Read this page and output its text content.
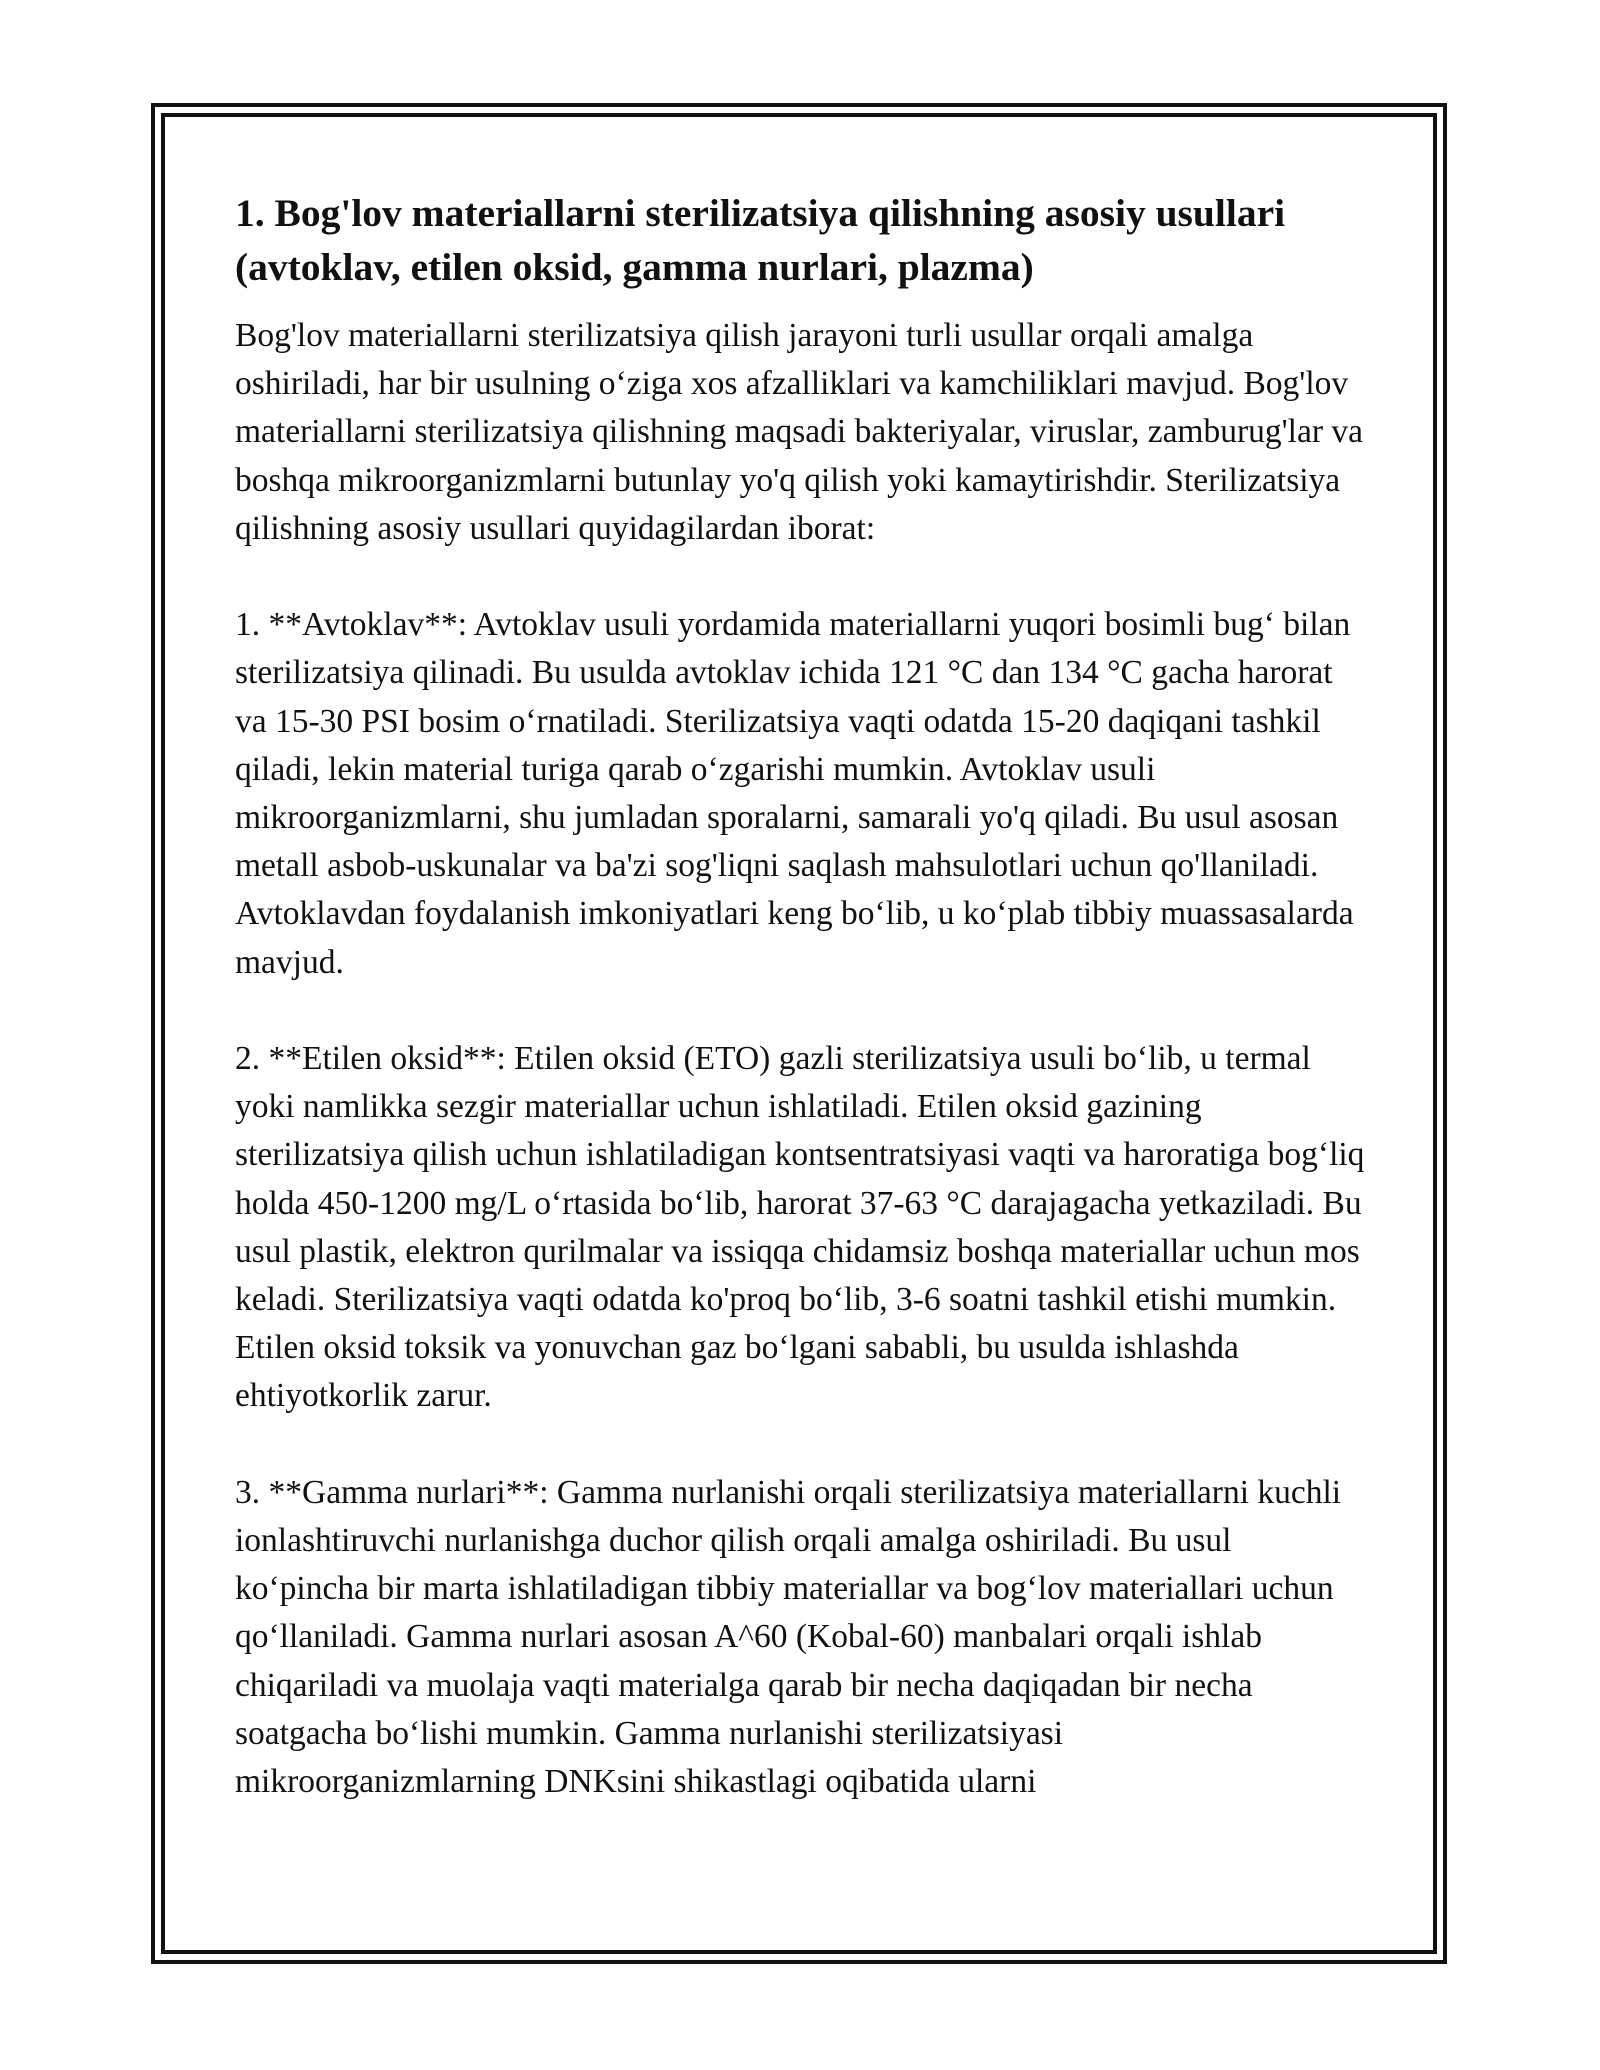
1. Bog'lov materiallarni sterilizatsiya qilishning asosiy usullari (avtoklav, etilen oksid, gamma nurlari, plazma)

Bog'lov materiallarni sterilizatsiya qilish jarayoni turli usullar orqali amalga oshiriladi, har bir usulning oʻziga xos afzalliklari va kamchiliklari mavjud. Bog'lov materiallarni sterilizatsiya qilishning maqsadi bakteriyalar, viruslar, zamburug'lar va boshqa mikroorganizmlarni butunlay yo'q qilish yoki kamaytirishdir. Sterilizatsiya qilishning asosiy usullari quyidagilardan iborat:

1. **Avtoklav**: Avtoklav usuli yordamida materiallarni yuqori bosimli bugʻ bilan sterilizatsiya qilinadi. Bu usulda avtoklav ichida 121 °C dan 134 °C gacha harorat va 15-30 PSI bosim oʻrnatiladi. Sterilizatsiya vaqti odatda 15-20 daqiqani tashkil qiladi, lekin material turiga qarab oʻzgarishi mumkin. Avtoklav usuli mikroorganizmlarni, shu jumladan sporalarni, samarali yo'q qiladi. Bu usul asosan metall asbob-uskunalar va ba'zi sog'liqni saqlash mahsulotlari uchun qo'llaniladi. Avtoklavdan foydalanish imkoniyatlari keng boʻlib, u koʻplab tibbiy muassasalarda mavjud.

2. **Etilen oksid**: Etilen oksid (ETO) gazli sterilizatsiya usuli boʻlib, u termal yoki namlikka sezgir materiallar uchun ishlatiladi. Etilen oksid gazining sterilizatsiya qilish uchun ishlatiladigan kontsentratsiyasi vaqti va haroratiga bogʻliq holda 450-1200 mg/L oʻrtasida boʻlib, harorat 37-63 °C darajagacha yetkaziladi. Bu usul plastik, elektron qurilmalar va issiqqa chidamsiz boshqa materiallar uchun mos keladi. Sterilizatsiya vaqti odatda ko'proq boʻlib, 3-6 soatni tashkil etishi mumkin. Etilen oksid toksik va yonuvchan gaz boʻlgani sababli, bu usulda ishlashda ehtiyotkorlik zarur.

3. **Gamma nurlari**: Gamma nurlanishi orqali sterilizatsiya materiallarni kuchli ionlashtiruvchi nurlanishga duchor qilish orqali amalga oshiriladi. Bu usul koʻpincha bir marta ishlatiladigan tibbiy materiallar va bogʻlov materiallari uchun qoʻllaniladi. Gamma nurlari asosan A^60 (Kobal-60) manbalari orqali ishlab chiqariladi va muolaja vaqti materialga qarab bir necha daqiqadan bir necha soatgacha boʻlishi mumkin. Gamma nurlanishi sterilizatsiyasi mikroorganizmlarning DNKsini shikastlagi oqibatida ularni
